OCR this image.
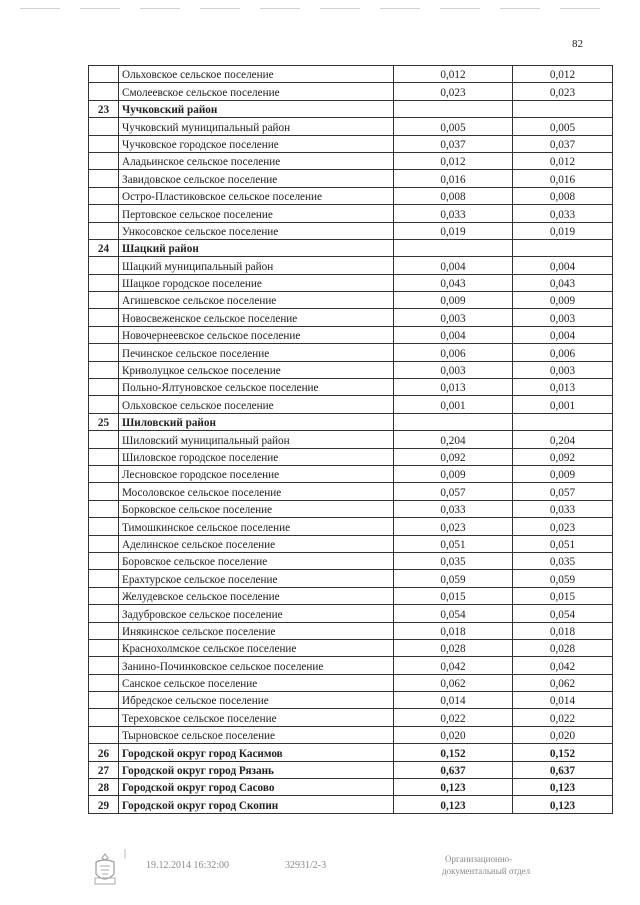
82
	Ольховское сельское поселение	0,012	0,012
	Смолеевское сельское поселение	0,023	0,023
23	Чучковский район		
	Чучковский муниципальный район	0,005	0,005
	Чучковское городское поселение	0,037	0,037
	Аладьинское сельское поселение	0,012	0,012
	Завидовское сельское поселение	0,016	0,016
	Остро-Пластиковское сельское поселение	0,008	0,008
	Пертовское сельское поселение	0,033	0,033
	Ункосовское сельское поселение	0,019	0,019
24	Шацкий район		
	Шацкий муниципальный район	0,004	0,004
	Шацкое городское поселение	0,043	0,043
	Агишевское сельское поселение	0,009	0,009
	Новосвеженское сельское поселение	0,003	0,003
	Новочернеевское сельское поселение	0,004	0,004
	Печинское сельское поселение	0,006	0,006
	Криволуцкое сельское поселение	0,003	0,003
	Польно-Ялтуновское сельское поселение	0,013	0,013
	Ольховское сельское поселение	0,001	0,001
25	Шиловский район		
	Шиловский муниципальный район	0,204	0,204
	Шиловское городское поселение	0,092	0,092
	Лесновское городское поселение	0,009	0,009
	Мосоловское сельское поселение	0,057	0,057
	Борковское сельское поселение	0,033	0,033
	Тимошкинское сельское поселение	0,023	0,023
	Аделинское сельское поселение	0,051	0,051
	Боровское сельское поселение	0,035	0,035
	Ерахтурское сельское поселение	0,059	0,059
	Желудевское сельское поселение	0,015	0,015
	Задубровское сельское поселение	0,054	0,054
	Инякинское сельское поселение	0,018	0,018
	Краснохолмское сельское поселение	0,028	0,028
	Занино-Починковское сельское поселение	0,042	0,042
	Санское сельское поселение	0,062	0,062
	Ибредское сельское поселение	0,014	0,014
	Тереховское сельское поселение	0,022	0,022
	Тырновское сельское поселение	0,020	0,020
26	Городской округ город Касимов	0,152	0,152
27	Городской округ город Рязань	0,637	0,637
28	Городской округ город Сасово	0,123	0,123
29	Городской округ город Скопин	0,123	0,123
|
19.12.2014 16:32:00	32931/2-3
Организационно-
документальный отдел
